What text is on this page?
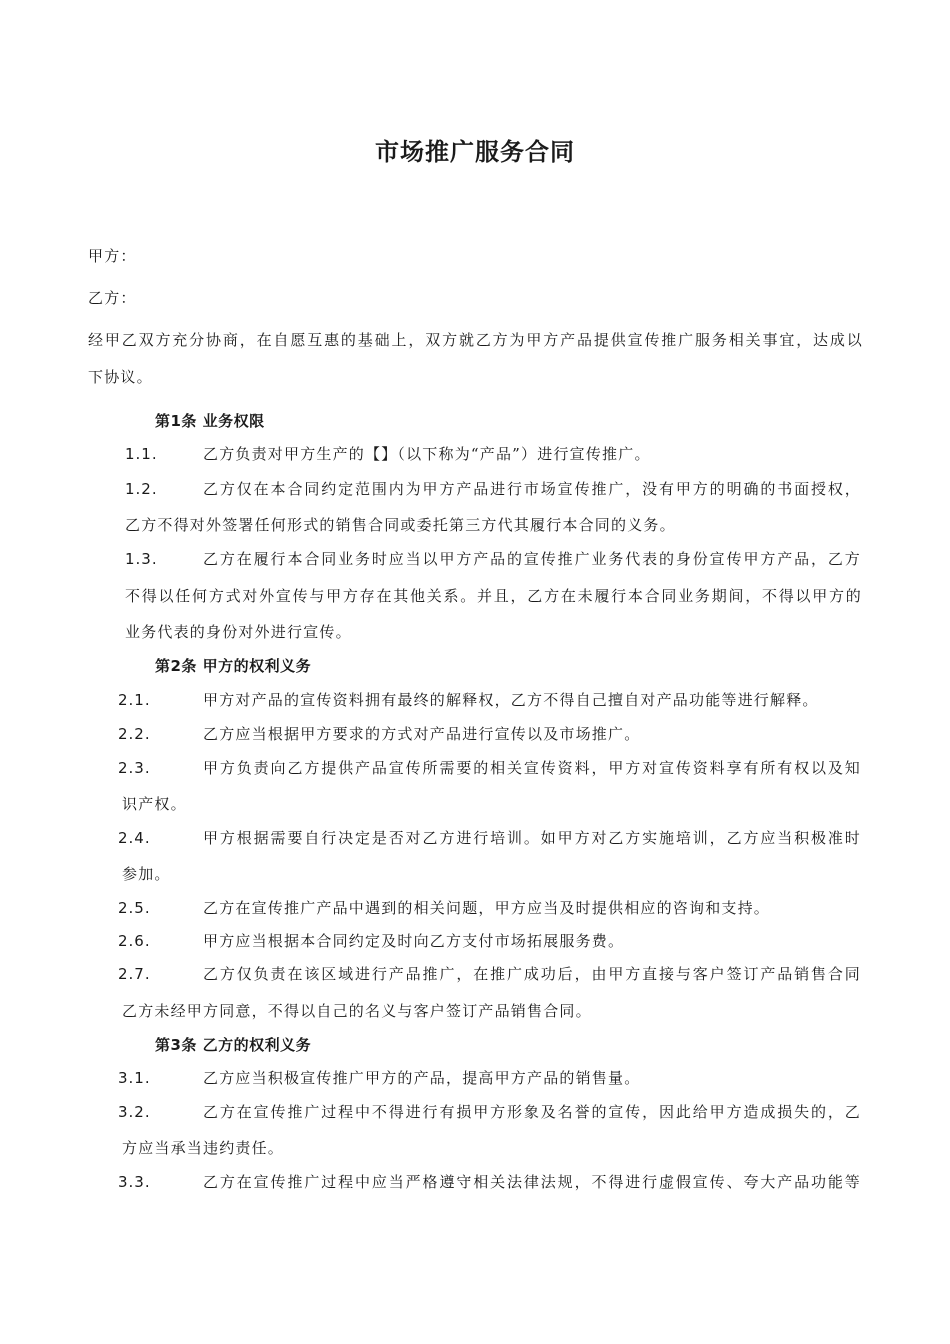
市场推广服务合同
甲方：
乙方：
经甲乙双方充分协商，在自愿互惠的基础上，双方就乙方为甲方产品提供宣传推广服务相关事宜，达成以
下协议。
第1条 业务权限
1.1.	乙方负责对甲方生产的【】（以下称为“产品”）进行宣传推广。
1.2.	乙方仅在本合同约定范围内为甲方产品进行市场宣传推广，没有甲方的明确的书面授权，
乙方不得对外签署任何形式的销售合同或委托第三方代其履行本合同的义务。
1.3.	乙方在履行本合同业务时应当以甲方产品的宣传推广业务代表的身份宣传甲方产品，乙方
不得以任何方式对外宣传与甲方存在其他关系。并且，乙方在未履行本合同业务期间，不得以甲方的
业务代表的身份对外进行宣传。
第2条 甲方的权利义务
2.1.	甲方对产品的宣传资料拥有最终的解释权，乙方不得自己擅自对产品功能等进行解释。
2.2.	乙方应当根据甲方要求的方式对产品进行宣传以及市场推广。
2.3.	甲方负责向乙方提供产品宣传所需要的相关宣传资料，甲方对宣传资料享有所有权以及知
识产权。
2.4.	甲方根据需要自行决定是否对乙方进行培训。如甲方对乙方实施培训，乙方应当积极准时
参加。
2.5.	乙方在宣传推广产品中遇到的相关问题，甲方应当及时提供相应的咨询和支持。
2.6.	甲方应当根据本合同约定及时向乙方支付市场拓展服务费。
2.7.	乙方仅负责在该区域进行产品推广，在推广成功后，由甲方直接与客户签订产品销售合同
乙方未经甲方同意，不得以自己的名义与客户签订产品销售合同。
第3条 乙方的权利义务
3.1.	乙方应当积极宣传推广甲方的产品，提高甲方产品的销售量。
3.2.	乙方在宣传推广过程中不得进行有损甲方形象及名誉的宣传，因此给甲方造成损失的，乙
方应当承当违约责任。
3.3.	乙方在宣传推广过程中应当严格遵守相关法律法规，不得进行虚假宣传、夸大产品功能等
